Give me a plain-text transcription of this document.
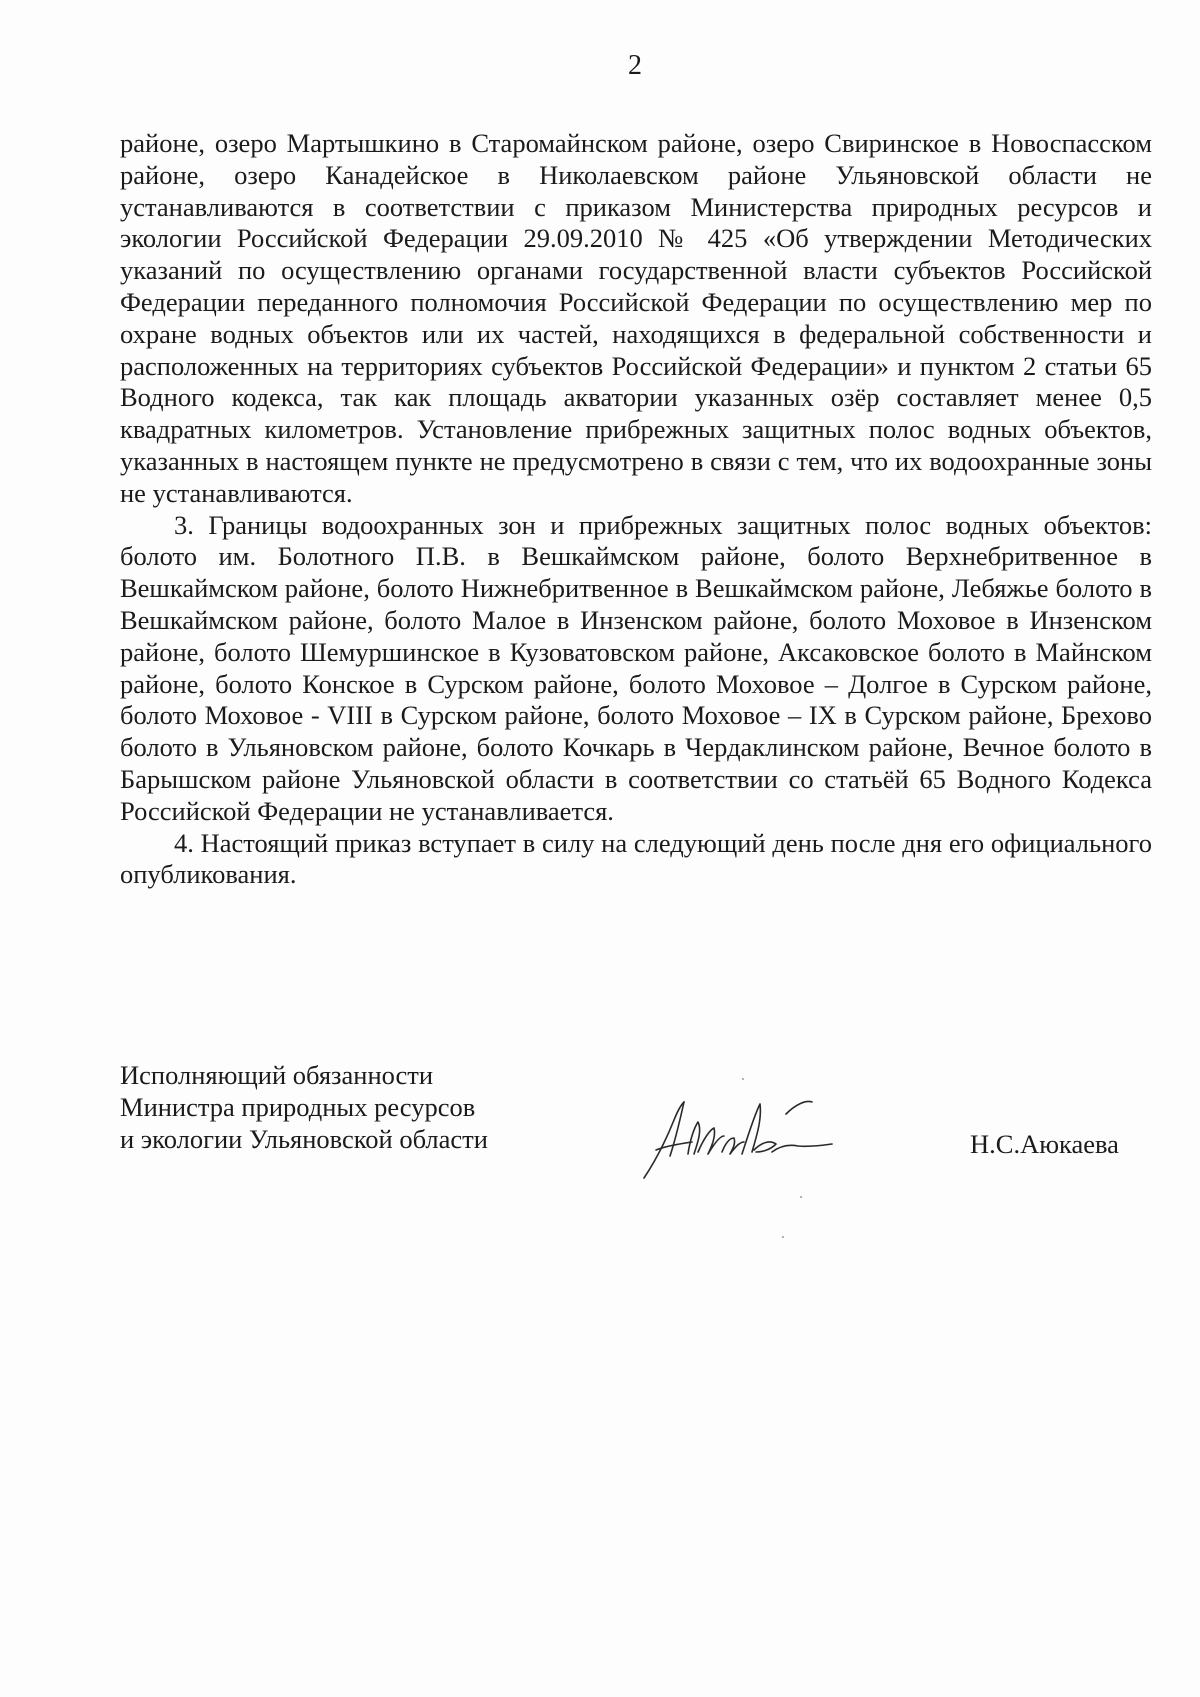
2

районе, озеро Мартышкино в Старомайнском районе, озеро Свиринское в Новоспасском районе, озеро Канадейское в Николаевском районе Ульяновской области не устанавливаются в соответствии с приказом Министерства природных ресурсов и экологии Российской Федерации 29.09.2010 № 425 «Об утверждении Методических указаний по осуществлению органами государственной власти субъектов Российской Федерации переданного полномочия Российской Федерации по осуществлению мер по охране водных объектов или их частей, находящихся в федеральной собственности и расположенных на территориях субъектов Российской Федерации» и пунктом 2 статьи 65 Водного кодекса, так как площадь акватории указанных озёр составляет менее 0,5 квадратных километров. Установление прибрежных защитных полос водных объектов, указанных в настоящем пункте не предусмотрено в связи с тем, что их водоохранные зоны не устанавливаются.

3. Границы водоохранных зон и прибрежных защитных полос водных объектов: болото им. Болотного П.В. в Вешкаймском районе, болото Верхнебритвенное в Вешкаймском районе, болото Нижнебритвенное в Вешкаймском районе, Лебяжье болото в Вешкаймском районе, болото Малое в Инзенском районе, болото Моховое в Инзенском районе, болото Шемуршинское в Кузоватовском районе, Аксаковское болото в Майнском районе, болото Конское в Сурском районе, болото Моховое – Долгое в Сурском районе, болото Моховое - VIII в Сурском районе, болото Моховое – IX в Сурском районе, Брехово болото в Ульяновском районе, болото Кочкарь в Чердаклинском районе, Вечное болото в Барышском районе Ульяновской области в соответствии со статьёй 65 Водного Кодекса Российской Федерации не устанавливается.

4. Настоящий приказ вступает в силу на следующий день после дня его официального опубликования.

Исполняющий обязанности
Министра природных ресурсов
и экологии Ульяновской области	Н.С.Аюкаева
